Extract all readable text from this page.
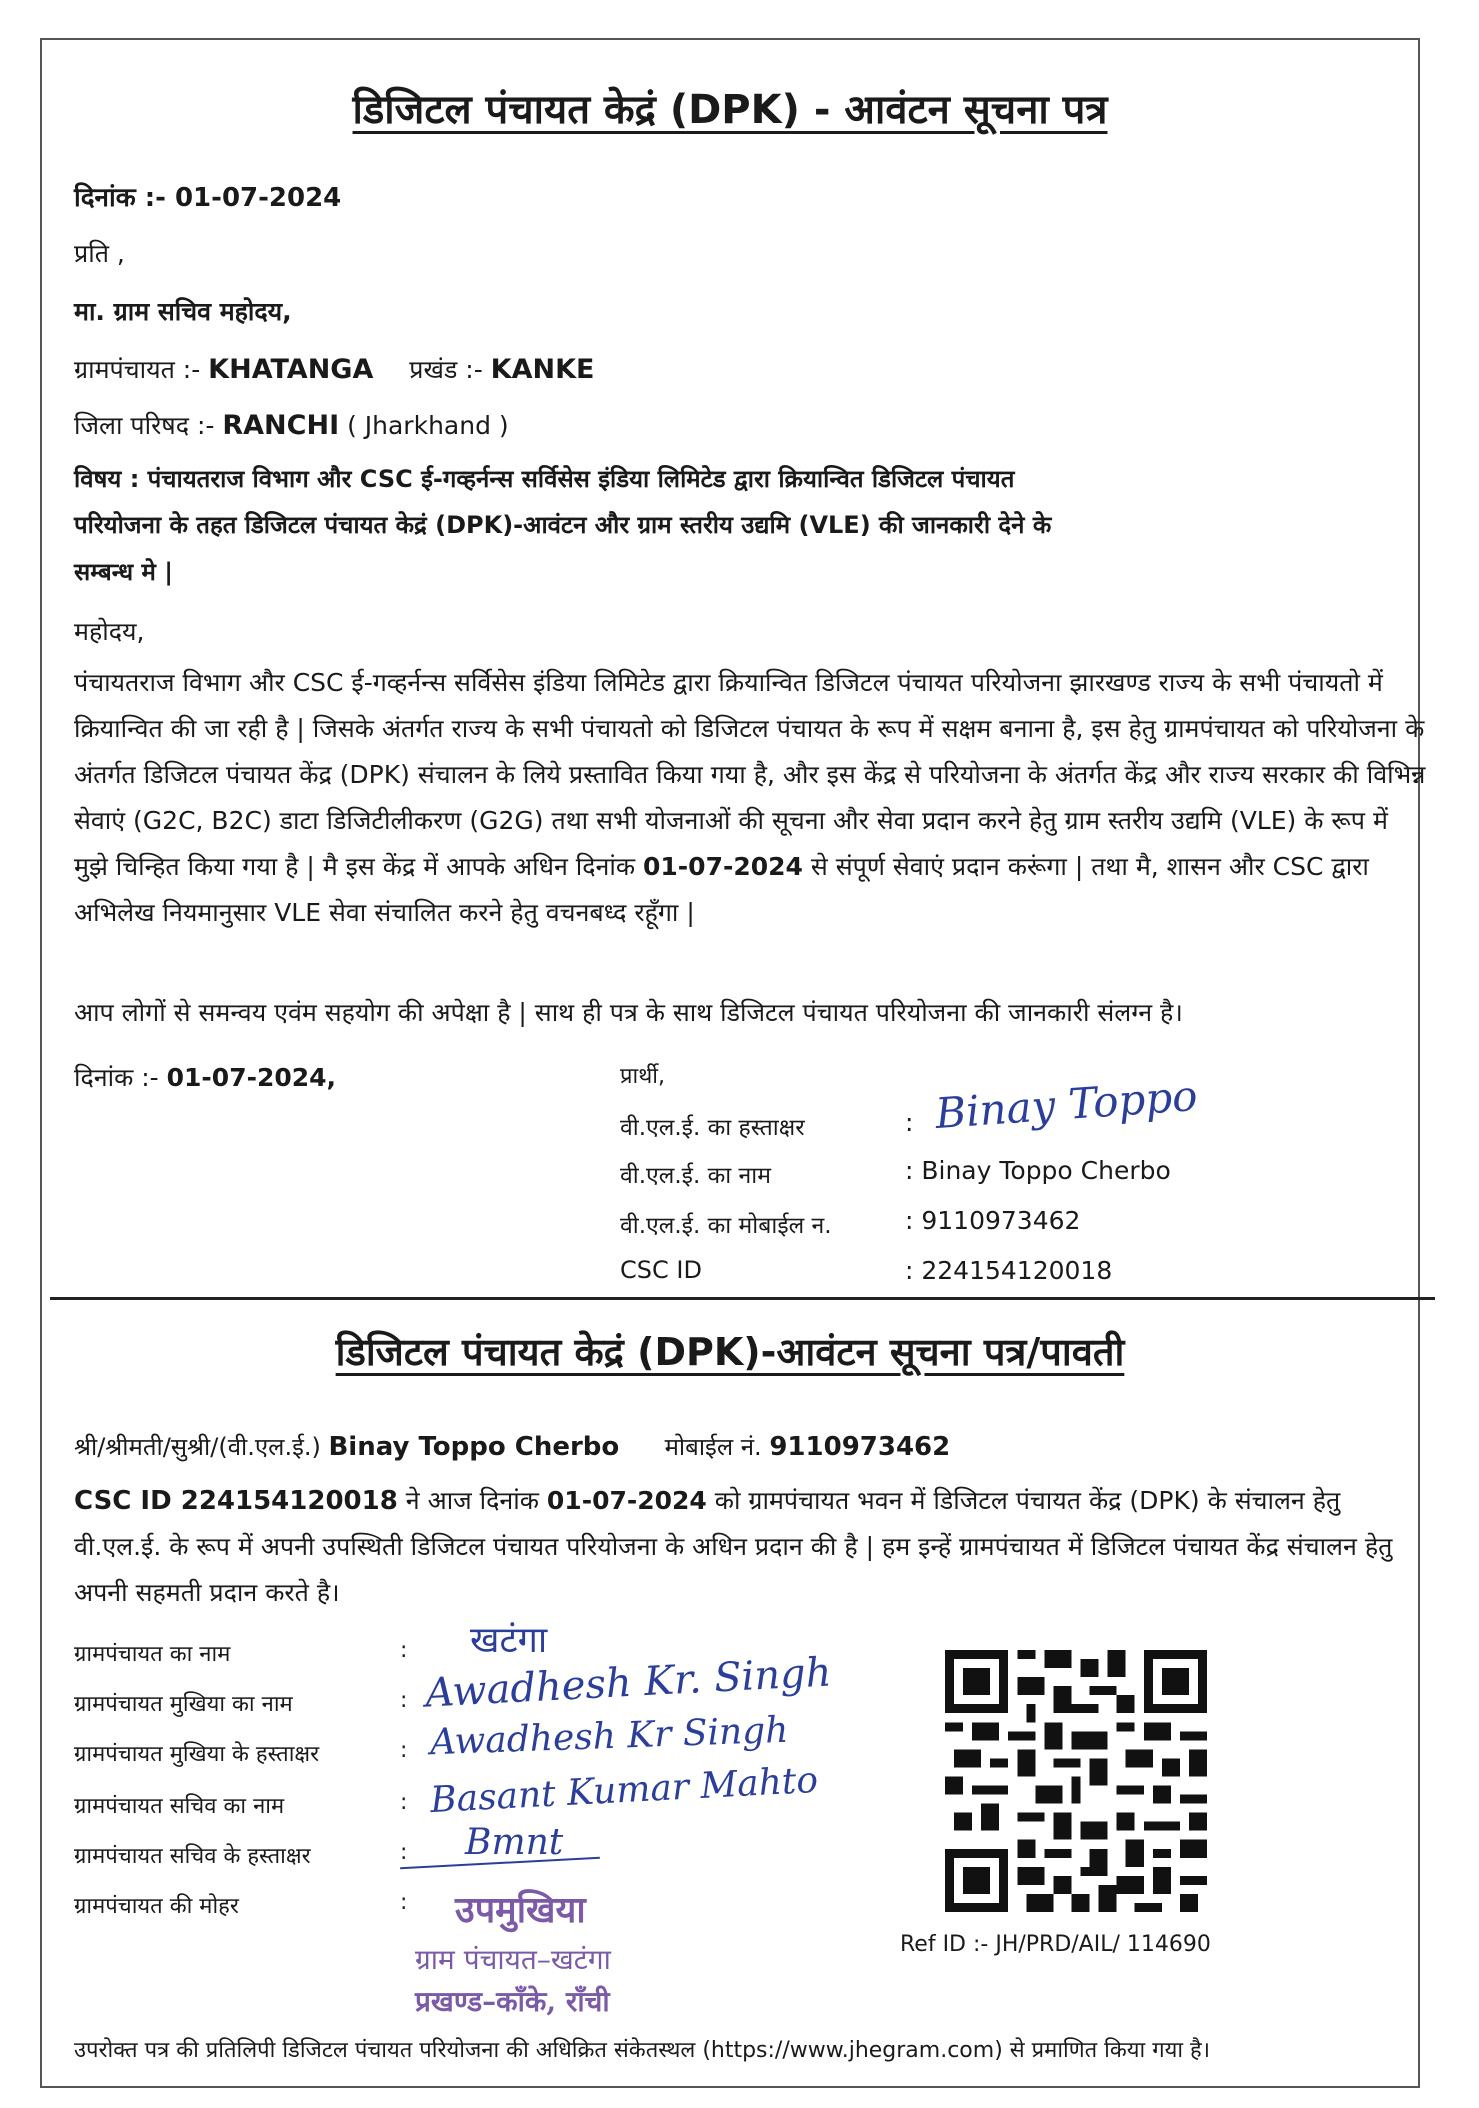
डिजिटल पंचायत केद्रं (DPK) - आवंटन सूचना पत्र
दिनांक :- 01-07-2024
प्रति ,
मा. ग्राम सचिव महोदय,
ग्रामपंचायत :- KHATANGA प्रखंड :- KANKE
जिला परिषद :- RANCHI ( Jharkhand )
विषय : पंचायतराज विभाग और CSC ई-गव्हर्नन्स सर्विसेस इंडिया लिमिटेड द्वारा क्रियान्वित डिजिटल पंचायत
परियोजना के तहत डिजिटल पंचायत केद्रं (DPK)-आवंटन और ग्राम स्तरीय उद्यमि (VLE) की जानकारी देने के
सम्बन्ध मे |
महोदय,
पंचायतराज विभाग और CSC ई-गव्हर्नन्स सर्विसेस इंडिया लिमिटेड द्वारा क्रियान्वित डिजिटल पंचायत परियोजना झारखण्ड राज्य के सभी पंचायतो में क्रियान्वित की जा रही है | जिसके अंतर्गत राज्य के सभी पंचायतो को डिजिटल पंचायत के रूप में सक्षम बनाना है, इस हेतु ग्रामपंचायत को परियोजना के अंतर्गत डिजिटल पंचायत केंद्र (DPK) संचालन के लिये प्रस्तावित किया गया है, और इस केंद्र से परियोजना के अंतर्गत केंद्र और राज्य सरकार की विभिन्न सेवाएं (G2C, B2C) डाटा डिजिटीलीकरण (G2G) तथा सभी योजनाओं की सूचना और सेवा प्रदान करने हेतु ग्राम स्तरीय उद्यमि (VLE) के रूप में मुझे चिन्हित किया गया है | मै इस केंद्र में आपके अधिन दिनांक 01-07-2024 से संपूर्ण सेवाएं प्रदान करूंगा | तथा मै, शासन और CSC द्वारा अभिलेख नियमानुसार VLE सेवा संचालित करने हेतु वचनबध्द रहूँगा |
आप लोगों से समन्वय एवंम सहयोग की अपेक्षा है | साथ ही पत्र के साथ डिजिटल पंचायत परियोजना की जानकारी संलग्न है।
दिनांक :- 01-07-2024,	प्रार्थी,
वी.एल.ई. का हस्ताक्षर	: Binay Toppo
वी.एल.ई. का नाम	: Binay Toppo Cherbo
वी.एल.ई. का मोबाईल न.	: 9110973462
CSC ID	: 224154120018
डिजिटल पंचायत केद्रं (DPK)-आवंटन सूचना पत्र/पावती
श्री/श्रीमती/सुश्री/(वी.एल.ई.) Binay Toppo Cherbo मोबाईल नं. 9110973462
CSC ID 224154120018 ने आज दिनांक 01-07-2024 को ग्रामपंचायत भवन में डिजिटल पंचायत केंद्र (DPK) के संचालन हेतु वी.एल.ई. के रूप में अपनी उपस्थिती डिजिटल पंचायत परियोजना के अधिन प्रदान की है | हम इन्हें ग्रामपंचायत में डिजिटल पंचायत केंद्र संचालन हेतु अपनी सहमती प्रदान करते है।
ग्रामपंचायत का नाम	: खटंगा
ग्रामपंचायत मुखिया का नाम	: Awadhesh Kr. Singh
ग्रामपंचायत मुखिया के हस्ताक्षर	: Awadhesh Kr Singh
ग्रामपंचायत सचिव का नाम	: Basant Kumar Mahto
ग्रामपंचायत सचिव के हस्ताक्षर	: Bmnt
ग्रामपंचायत की मोहर	: उपमुखिया
ग्राम पंचायत–खटंगा
प्रखण्ड–काँके, राँची
Ref ID :- JH/PRD/AIL/ 114690
उपरोक्त पत्र की प्रतिलिपी डिजिटल पंचायत परियोजना की अधिक्रित संकेतस्थल (https://www.jhegram.com) से प्रमाणित किया गया है।
